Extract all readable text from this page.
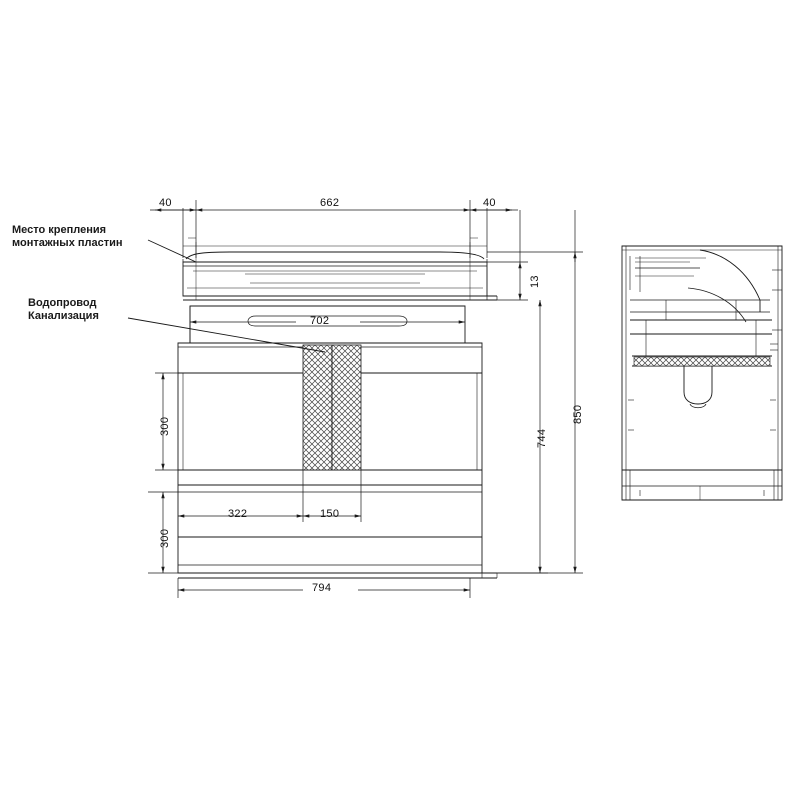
Место крепления
монтажных пластин
Водопровод
Канализация
40	662	40
13
702
300
300
322	150
794
744
850
